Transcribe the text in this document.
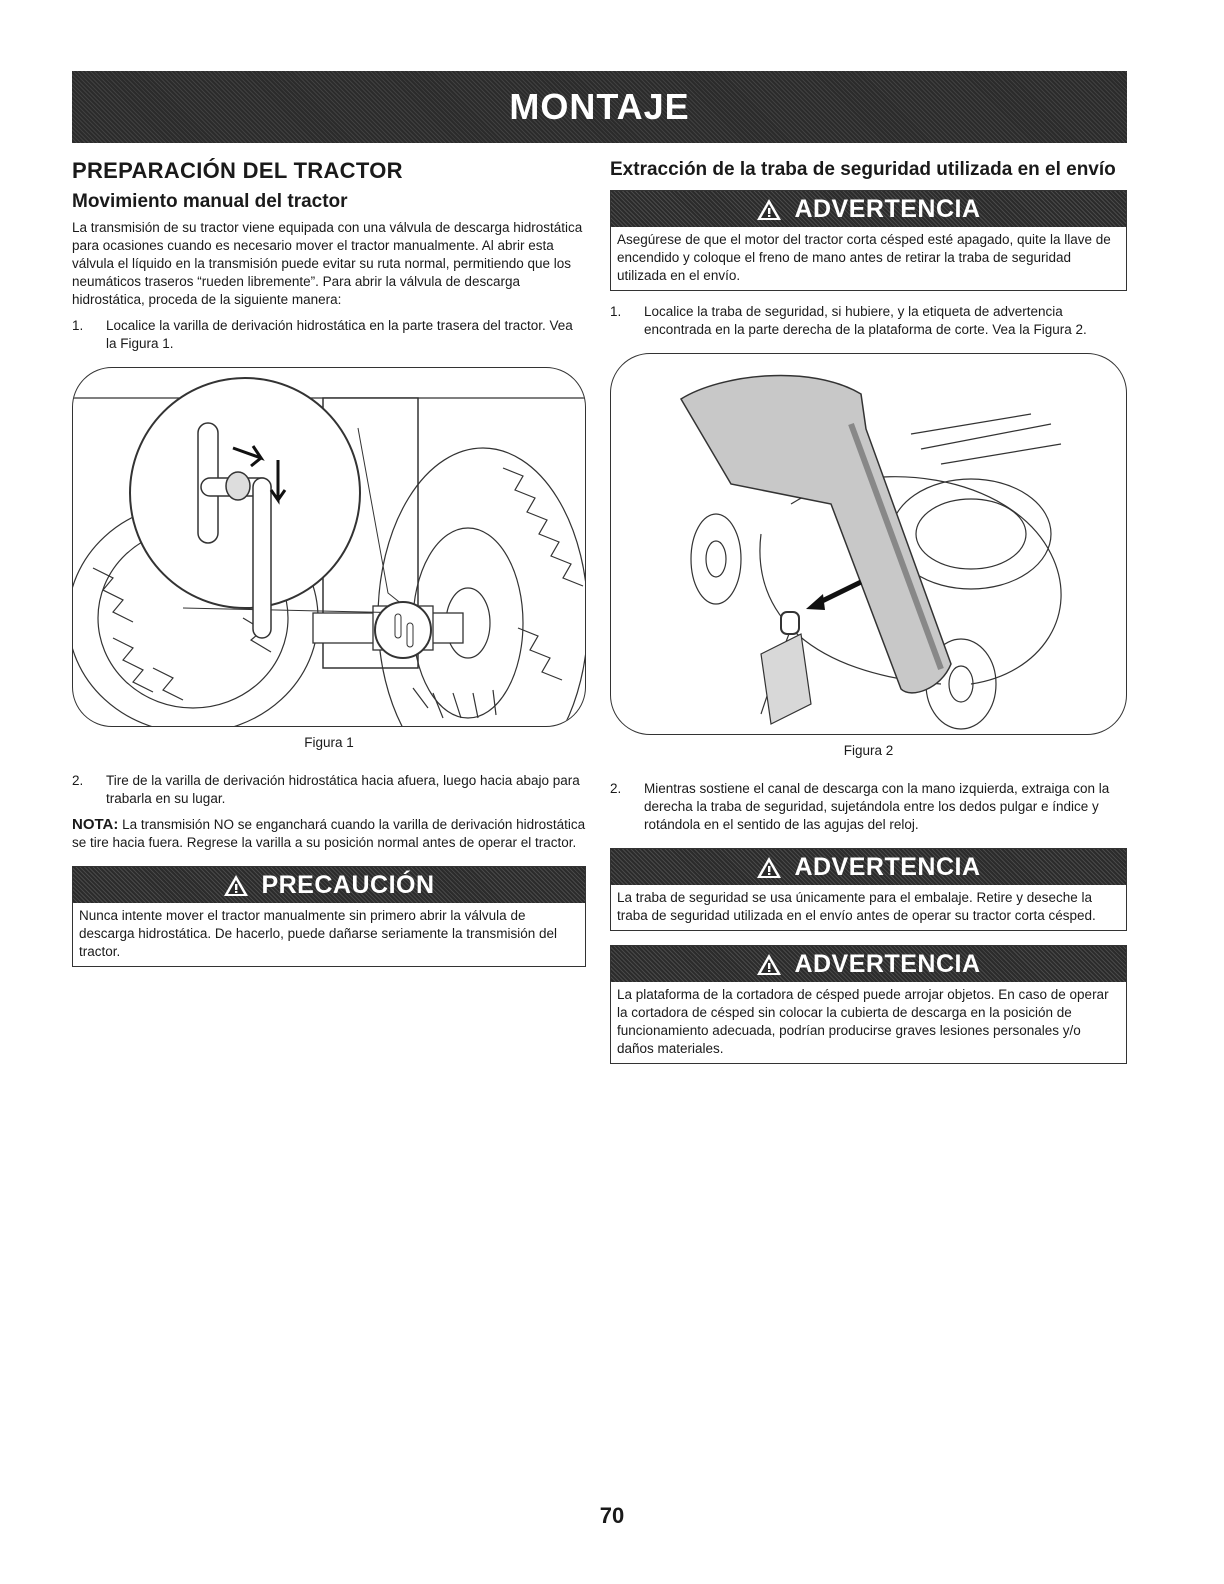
MONTAJE
PREPARACIÓN DEL TRACTOR
Movimiento manual del tractor

La transmisión de su tractor viene equipada con una válvula de descarga hidrostática para ocasiones cuando es necesario mover el tractor manualmente. Al abrir esta válvula el líquido en la transmisión puede evitar su ruta normal, permitiendo que los neumáticos traseros “rueden libremente”. Para abrir la válvula de descarga hidrostática, proceda de la siguiente manera:

1.	Localice la varilla de derivación hidrostática en la parte trasera del tractor. Vea la Figura 1.
Figura 1
2.	Tire de la varilla de derivación hidrostática hacia afuera, luego hacia abajo para trabarla en su lugar.

NOTA: La transmisión NO se enganchará cuando la varilla de derivación hidrostática se tire hacia fuera. Regrese la varilla a su posición normal antes de operar el tractor.

PRECAUCIÓN
Nunca intente mover el tractor manualmente sin primero abrir la válvula de descarga hidrostática. De hacerlo, puede dañarse seriamente la transmisión del tractor.
Extracción de la traba de seguridad utilizada en el envío
ADVERTENCIA
Asegúrese de que el motor del tractor corta césped esté apagado, quite la llave de encendido y coloque el freno de mano antes de retirar la traba de seguridad utilizada en el envío.
1.	Localice la traba de seguridad, si hubiere, y la etiqueta de advertencia encontrada en la parte derecha de la plataforma de corte. Vea la Figura 2.
Figura 2
2.	Mientras sostiene el canal de descarga con la mano izquierda, extraiga con la derecha la traba de seguridad, sujetándola entre los dedos pulgar e índice y rotándola en el sentido de las agujas del reloj.
ADVERTENCIA
La traba de seguridad se usa únicamente para el embalaje. Retire y deseche la traba de seguridad utilizada en el envío antes de operar su tractor corta césped.
ADVERTENCIA
La plataforma de la cortadora de césped puede arrojar objetos. En caso de operar la cortadora de césped sin colocar la cubierta de descarga en la posición de funcionamiento adecuada, podrían producirse graves lesiones personales y/o daños materiales.
70
